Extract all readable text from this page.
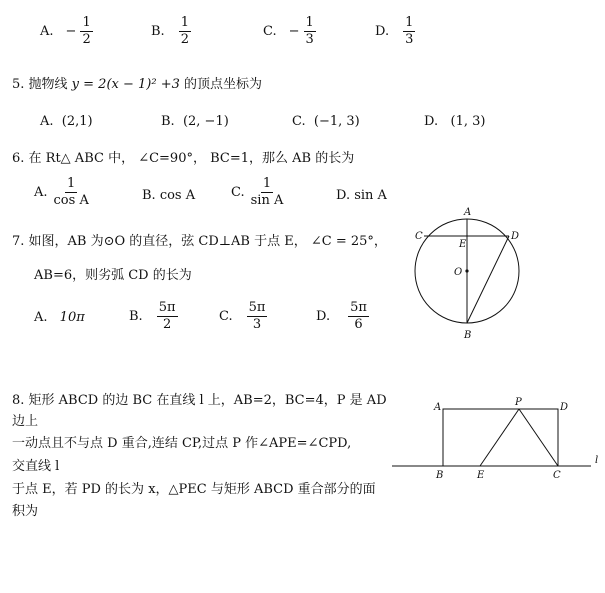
A. − $\frac{1}{2}$	B. $\frac{1}{2}$	C. − $\frac{1}{3}$	D. $\frac{1}{3}$
5. 抛物线 y = 2(x − 1)² +3 的顶点坐标为
A. (2,1)	B. (2, −1)	C. (−1, 3)	D. (1, 3)
6. 在 Rt△ ABC 中， ∠C=90°， BC=1，那么 AB 的长为
A. $\frac{1}{\text{cos A}}$	B. cos A	C. $\frac{1}{\text{sin A}}$	D. sin A
7. 如图，AB 为⊙O 的直径，弦 CD⊥AB 于点 E， ∠C = 25°，
AB=6，则劣弧 CD 的长为
A.
10π	B. $\frac{5\pi}{2}$	C. $\frac{5\pi}{3}$	D. $\frac{5\pi}{6}$
A
C
E
D
O
B
8. 矩形 ABCD 的边 BC 在直线 l 上，AB=2，BC=4，P 是 AD
边上
一动点且不与点 D 重合,连结 CP,过点 P 作∠APE=∠CPD,
交直线 l
于点 E，若 PD 的长为 x，△PEC 与矩形 ABCD 重合部分的面
积为
A	P	D
B	E	C
l
